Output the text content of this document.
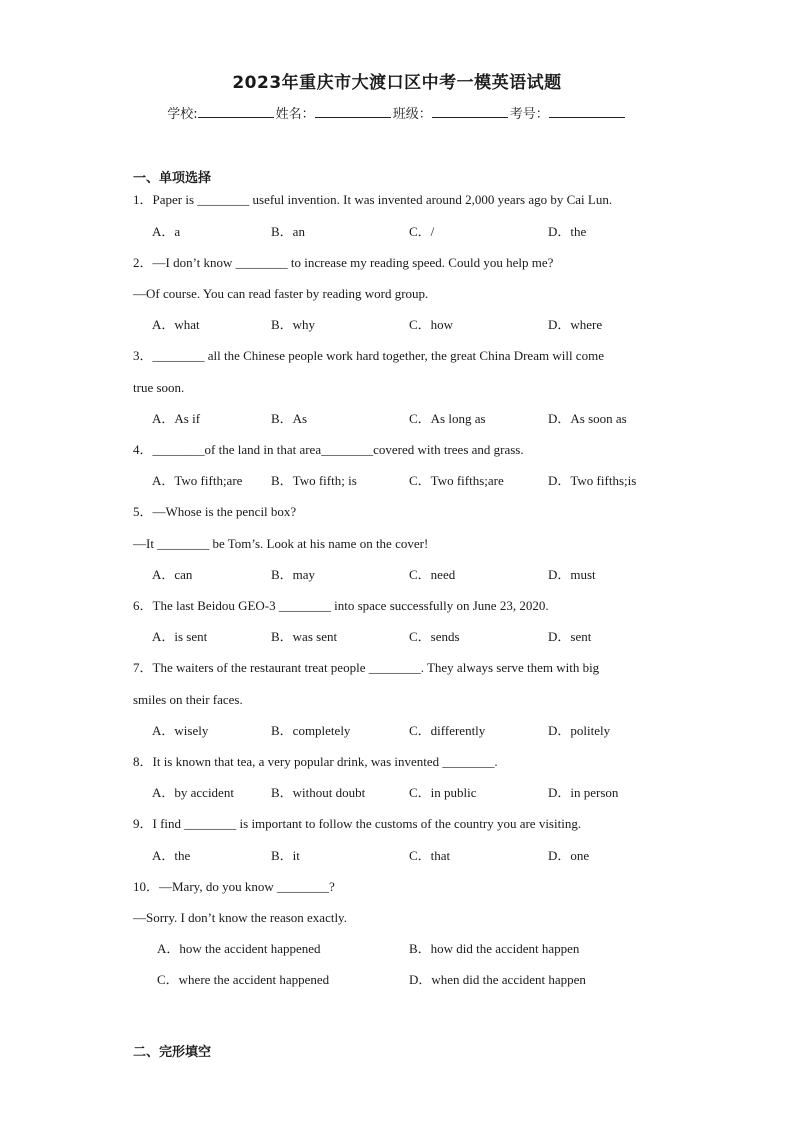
2023年重庆市大渡口区中考一模英语试题
学校:	姓名：	班级：	考号：
一、单项选择
1．Paper is ________ useful invention. It was invented around 2,000 years ago by Cai Lun.
A．a	B．an	C．/	D．the
2．—I don’t know ________ to increase my reading speed. Could you help me?
—Of course. You can read faster by reading word group.
A．what	B．why	C．how	D．where
3．________ all the Chinese people work hard together, the great China Dream will come
true soon.
A．As if	B．As	C．As long as	D．As soon as
4．________of the land in that area________covered with trees and grass.
A．Two fifth;are B．Two fifth; is	C．Two fifths;are	D．Two fifths;is
5．—Whose is the pencil box?
—It ________ be Tom’s. Look at his name on the cover!
A．can	B．may	C．need	D．must
6．The last Beidou GEO-3 ________ into space successfully on June 23, 2020.
A．is sent	B．was sent	C．sends	D．sent
7．The waiters of the restaurant treat people ________. They always serve them with big
smiles on their faces.
A．wisely	B．completely	C．differently	D．politely
8．It is known that tea, a very popular drink, was invented ________.
A．by accident	B．without doubt	C．in public	D．in person
9．I find ________ is important to follow the customs of the country you are visiting.
A．the	B．it	C．that	D．one
10．—Mary, do you know ________?
—Sorry. I don’t know the reason exactly.
A．how the accident happened	B．how did the accident happen
C．where the accident happened	D．when did the accident happen
二、完形填空
